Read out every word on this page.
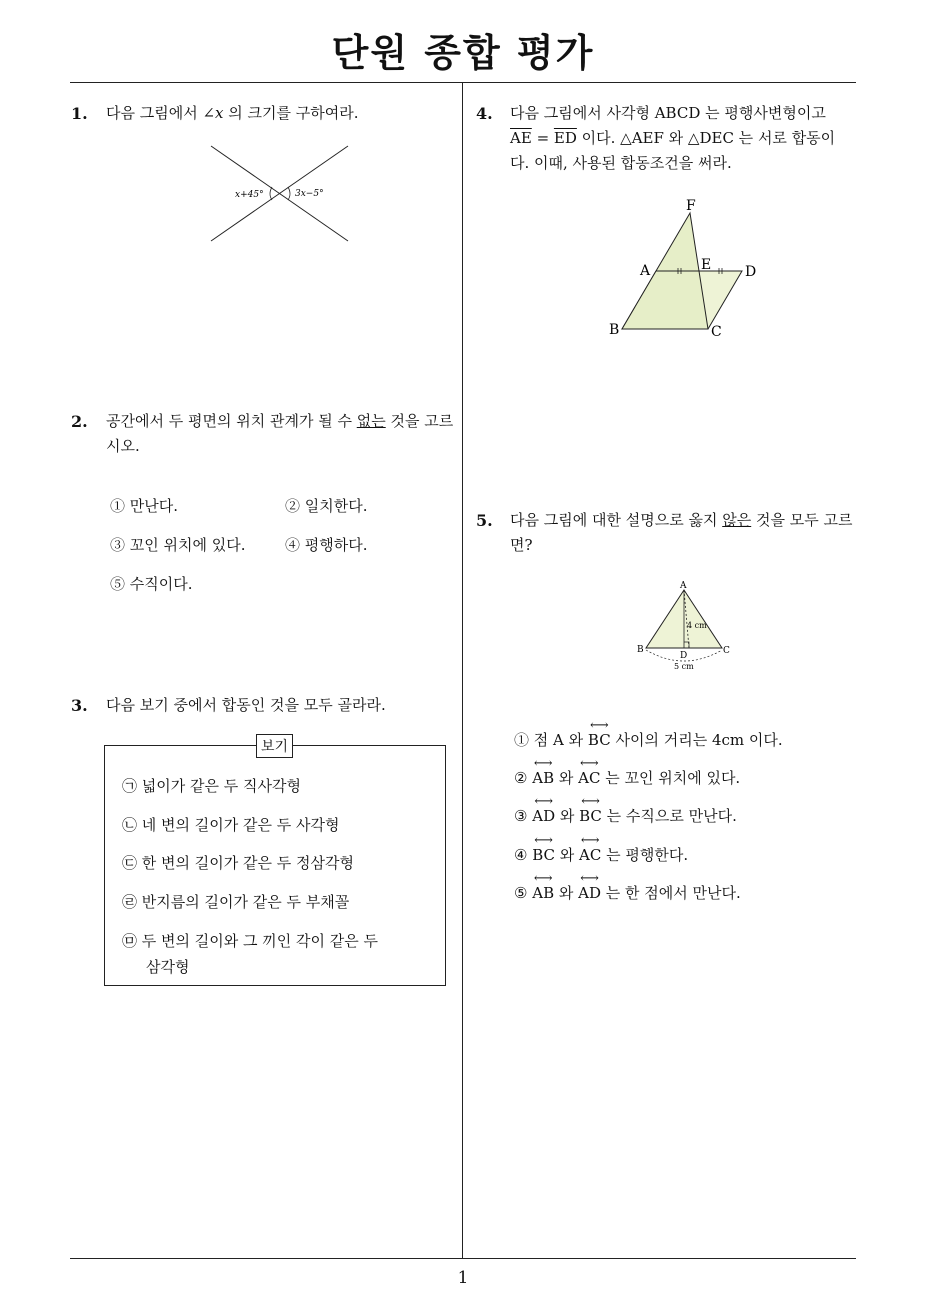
단원 종합 평가
1. 다음 그림에서 ∠x 의 크기를 구하여라.
x+45°	3x−5°
2. 공간에서 두 평면의 위치 관계가 될 수 없는 것을 고르
시오.
① 만난다.	② 일치한다.
③ 꼬인 위치에 있다.	④ 평행하다.
⑤ 수직이다.
3. 다음 보기 중에서 합동인 것을 모두 골라라.
보기
㉠ 넓이가 같은 두 직사각형
㉡ 네 변의 길이가 같은 두 사각형
㉢ 한 변의 길이가 같은 두 정삼각형
㉣ 반지름의 길이가 같은 두 부채꼴
㉤ 두 변의 길이와 그 끼인 각이 같은 두
삼각형
4. 다음 그림에서 사각형 ABCD 는 평행사변형이고
$\overline{AE} = \overline{ED}$ 이다. △AEF 와 △DEC 는 서로 합동이
다. 이때, 사용된 합동조건을 써라.
F
A	E D
B	C
5. 다음 그림에 대한 설명으로 옳지 않은 것을 모두 고르
면?
A
B	C
D
4 cm
5 cm
① 점 A 와 ⟷ BC 사이의 거리는 4cm 이다.
② ⟷ AB 와 ⟷ AC 는 꼬인 위치에 있다.
③ ⟷ AD 와 ⟷ BC 는 수직으로 만난다.
④ ⟷ BC 와 ⟷ AC 는 평행한다.
⑤ ⟷ AB 와 ⟷ AD 는 한 점에서 만난다.
1
